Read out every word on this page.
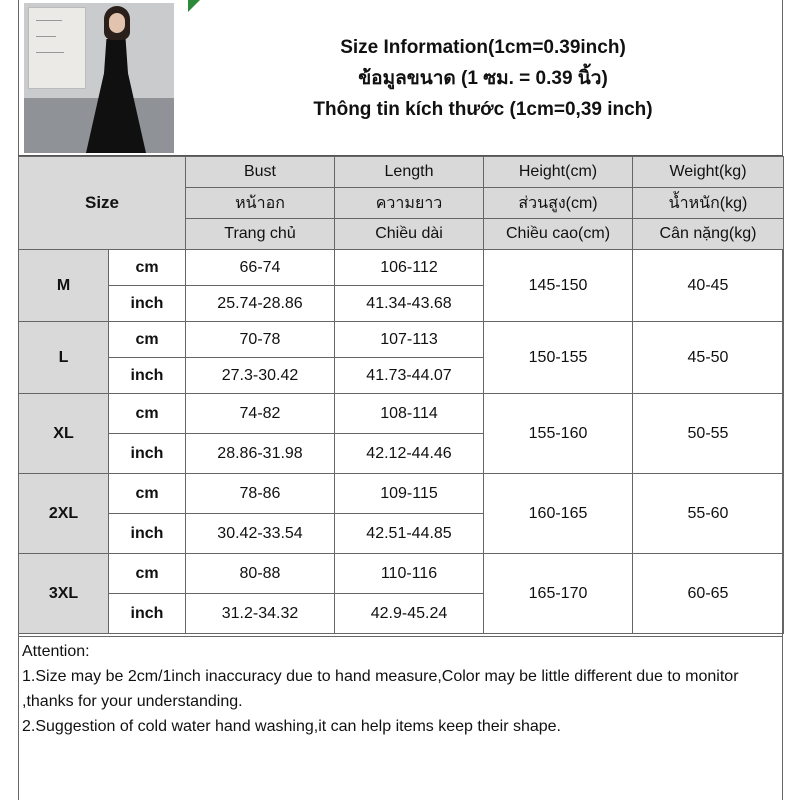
Size Information(1cm=0.39inch)
ข้อมูลขนาด (1 ซม. = 0.39 นิ้ว)
Thông tin kích thước (1cm=0,39 inch)
Size		Bust	Length	Height(cm)	Weight(kg)
		หน้าอก	ความยาว	ส่วนสูง(cm)	น้ำหนัก(kg)
		Trang chủ	Chiều dài	Chiều cao(cm)	Cân nặng(kg)
M	cm	66-74	106-112	145-150	40-45
	inch	25.74-28.86	41.34-43.68		
L	cm	70-78	107-113	150-155	45-50
	inch	27.3-30.42	41.73-44.07		
XL	cm	74-82	108-114	155-160	50-55
	inch	28.86-31.98	42.12-44.46		
2XL	cm	78-86	109-115	160-165	55-60
	inch	30.42-33.54	42.51-44.85		
3XL	cm	80-88	110-116	165-170	60-65
	inch	31.2-34.32	42.9-45.24		

Attention:

1.Size may be 2cm/1inch inaccuracy due to hand measure,Color may be little different due to monitor ,thanks for your understanding.

2.Suggestion of cold water hand washing,it can help items keep their shape.
